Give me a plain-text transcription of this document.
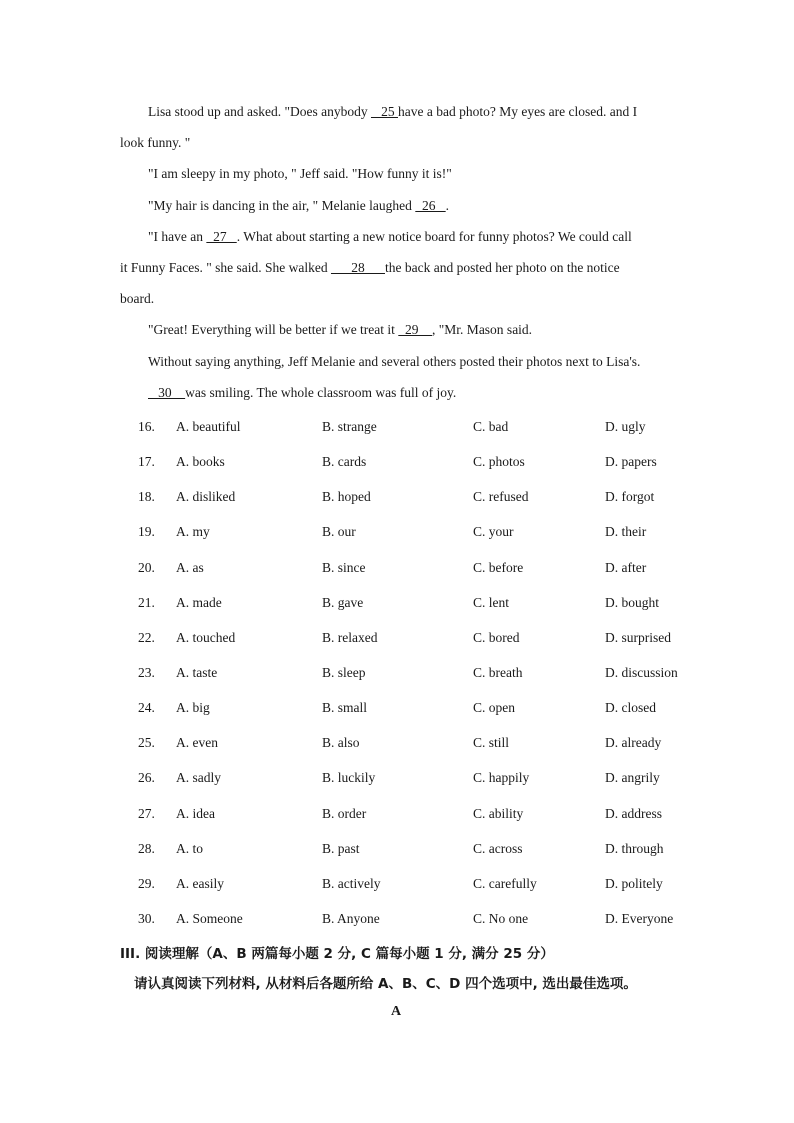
Lisa stood up and asked. "Does anybody    25 have a bad photo? My eyes are closed. and I
look funny. "
"I am sleepy in my photo, " Jeff said. "How funny it is!"
"My hair is dancing in the air, " Melanie laughed   26   .
"I have an   27   . What about starting a new notice board for funny photos? We could call
it Funny Faces. " she said. She walked       28      the back and posted her photo on the notice
board.
"Great! Everything will be better if we treat it   29    , "Mr. Mason said.
Without saying anything, Jeff Melanie and several others posted their photos next to Lisa's.
30    was smiling. The whole classroom was full of joy.
16. A. beautiful	B. strange	C. bad	D. ugly
17. A. books	B. cards	C. photos	D. papers
18. A. disliked	B. hoped	C. refused	D. forgot
19. A. my	B. our	C. your	D. their
20. A. as	B. since	C. before	D. after
21. A. made	B. gave	C. lent	D. bought
22. A. touched	B. relaxed	C. bored	D. surprised
23. A. taste	B. sleep	C. breath	D. discussion
24. A. big	B. small	C. open	D. closed
25. A. even	B. also	C. still	D. already
26. A. sadly	B. luckily	C. happily	D. angrily
27. A. idea	B. order	C. ability	D. address
28. A. to	B. past	C. across	D. through
29. A. easily	B. actively	C. carefully	D. politely
30. A. Someone	B. Anyone	C. No one	D. Everyone
III. 阅读理解（A、B 两篇每小题 2 分, C 篇每小题 1 分, 满分 25 分）
请认真阅读下列材料, 从材料后各题所给 A、B、C、D 四个选项中, 选出最佳选项。
A
